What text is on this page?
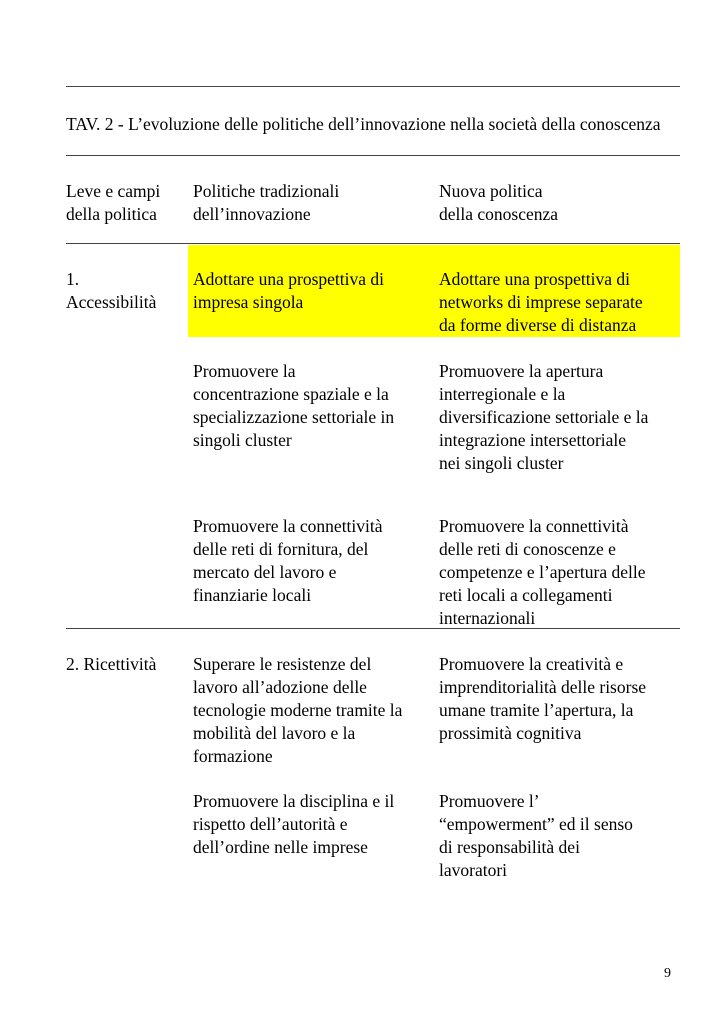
TAV. 2 - L’evoluzione delle politiche dell’innovazione nella società della conoscenza
Leve e campi
della politica
Politiche tradizionali
dell’innovazione
Nuova politica
della conoscenza
1.
Accessibilità
Adottare una prospettiva di
impresa singola
Adottare una prospettiva di
networks di imprese separate
da forme diverse di distanza
Promuovere la
concentrazione spaziale e la
specializzazione settoriale in
singoli cluster
Promuovere la apertura
interregionale e la
diversificazione settoriale e la
integrazione intersettoriale
nei singoli cluster
Promuovere la connettività
delle reti di fornitura, del
mercato del lavoro e
finanziarie locali
Promuovere la connettività
delle reti di conoscenze e
competenze e l’apertura delle
reti locali a collegamenti
internazionali
2. Ricettività Superare le resistenze del
lavoro all’adozione delle
tecnologie moderne tramite la
mobilità del lavoro e la
formazione
Promuovere la creatività e
imprenditorialità delle risorse
umane tramite l’apertura, la
prossimità cognitiva
Promuovere la disciplina e il
rispetto dell’autorità e
dell’ordine nelle imprese
Promuovere l’
“empowerment” ed il senso
di responsabilità dei
lavoratori
9
